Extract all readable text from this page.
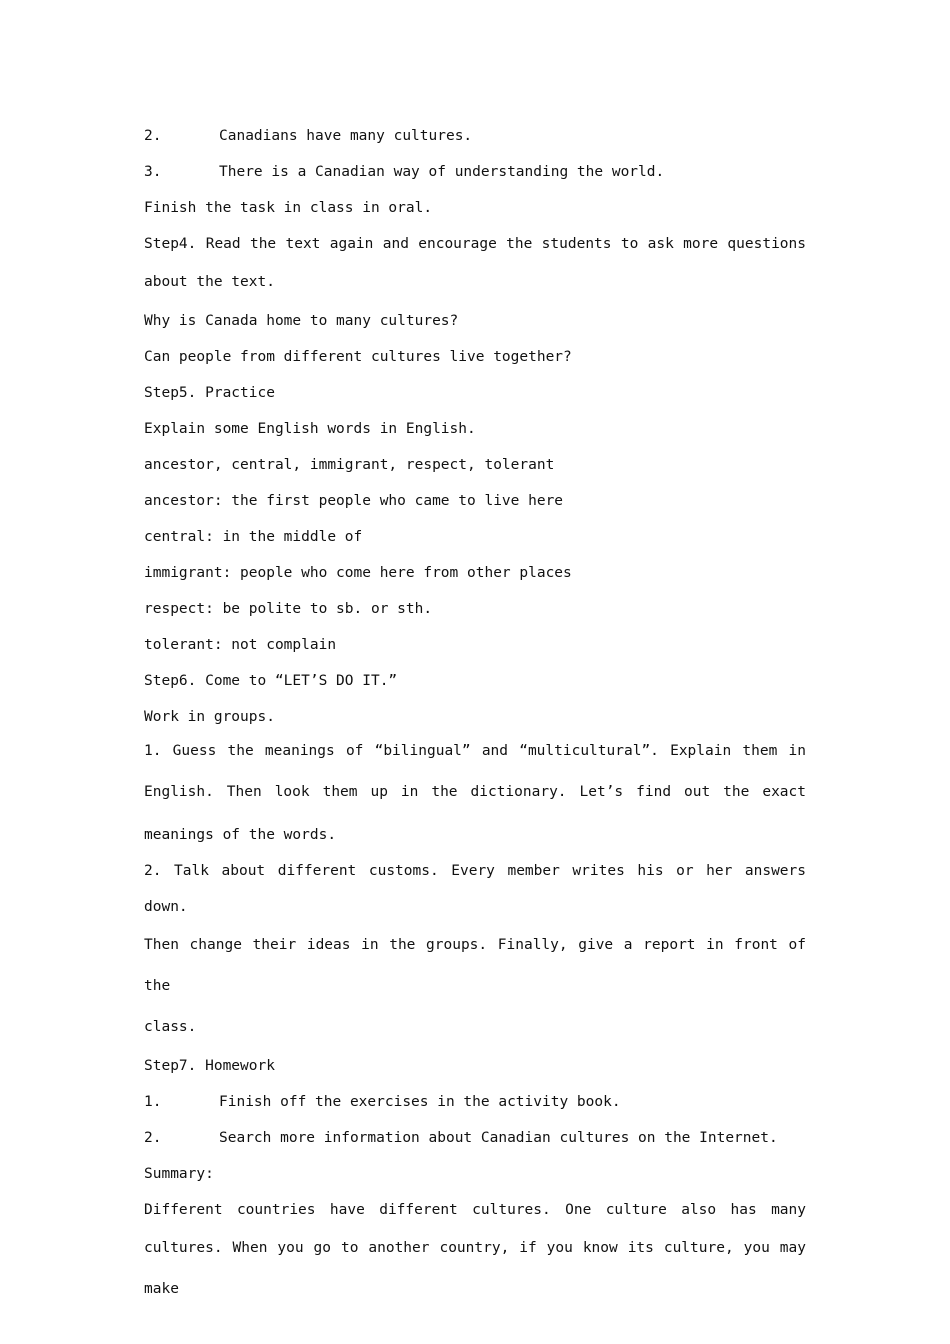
2.	Canadians have many cultures.
3.	There is a Canadian way of understanding the world.
Finish the task in class in oral.
Step4. Read the text again and encourage the students to ask more questions
about the text.
Why is Canada home to many cultures?
Can people from different cultures live together?
Step5. Practice
Explain some English words in English.
ancestor, central, immigrant, respect, tolerant
ancestor: the first people who came to live here
central: in the middle of
immigrant: people who come here from other places
respect: be polite to sb. or sth.
tolerant: not complain
Step6. Come to “LET’S DO IT.”
Work in groups.
1. Guess the meanings of “bilingual” and “multicultural”. Explain them in
English. Then look them up in the dictionary. Let’s find out the exact
meanings of the words.
2. Talk about different customs. Every member writes his or her answers down.
Then change their ideas in the groups. Finally, give a report in front of the
class.
Step7. Homework
1.	Finish off the exercises in the activity book.
2.	Search more information about Canadian cultures on the Internet.
Summary:
Different countries have different cultures. One culture also has many
cultures. When you go to another country, if you know its culture, you may make
